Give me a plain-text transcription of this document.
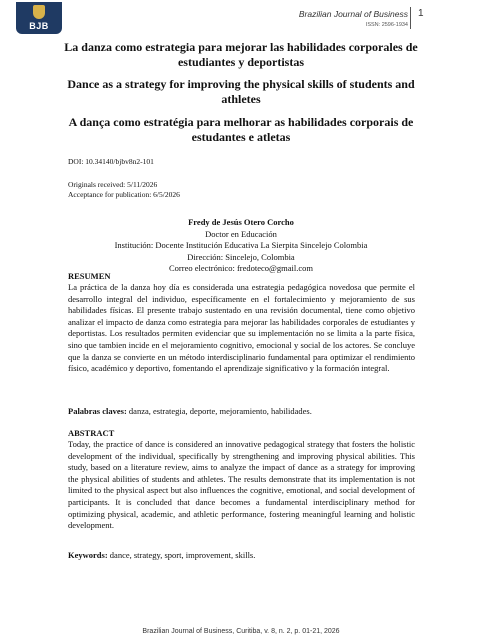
BJB
Brazilian Journal of Business
ISSN: 2596-1934
1

La danza como estrategia para mejorar las habilidades corporales de estudiantes y deportistas

Dance as a strategy for improving the physical skills of students and athletes

A dança como estratégia para melhorar as habilidades corporais de estudantes e atletas

DOI: 10.34140/bjbv8n2-101

Originals received: 5/11/2026

Acceptance for publication: 6/5/2026

Fredy de Jesús Otero Corcho
Doctor en Educación
Institución: Docente Institución Educativa La Sierpita Sincelejo Colombia
Dirección: Sincelejo, Colombia
Correo electrónico: fredoteco@gmail.com

RESUMEN

La práctica de la danza hoy día es considerada una estrategia pedagógica novedosa que permite el desarrollo integral del individuo, específicamente en el fortalecimiento y mejoramiento de sus habilidades físicas. El presente trabajo sustentado en una revisión documental, tiene como objetivo analizar el impacto de danza como estrategia para mejorar las habilidades corporales de estudiantes y deportistas. Los resultados permiten evidenciar que su implementación no se limita a la parte física, sino que tambien incide en el mejoramiento cognitivo, emocional y social de los actores. Se concluye que la danza se convierte en un método interdisciplinario fundamental para optimizar el rendimiento físico, académico y deportivo, fomentando el aprendizaje significativo y la formación integral.

Palabras claves: danza, estrategia, deporte, mejoramiento, habilidades.

ABSTRACT

Today, the practice of dance is considered an innovative pedagogical strategy that fosters the holistic development of the individual, specifically by strengthening and improving physical abilities. This study, based on a literature review, aims to analyze the impact of dance as a strategy for improving the physical abilities of students and athletes. The results demonstrate that its implementation is not limited to the physical aspect but also influences the cognitive, emotional, and social development of participants. It is concluded that dance becomes a fundamental interdisciplinary method for optimizing physical, academic, and athletic performance, fostering meaningful learning and holistic development.

Keywords: dance, strategy, sport, improvement, skills.

Brazilian Journal of Business, Curitiba, v. 8, n. 2, p. 01-21, 2026
